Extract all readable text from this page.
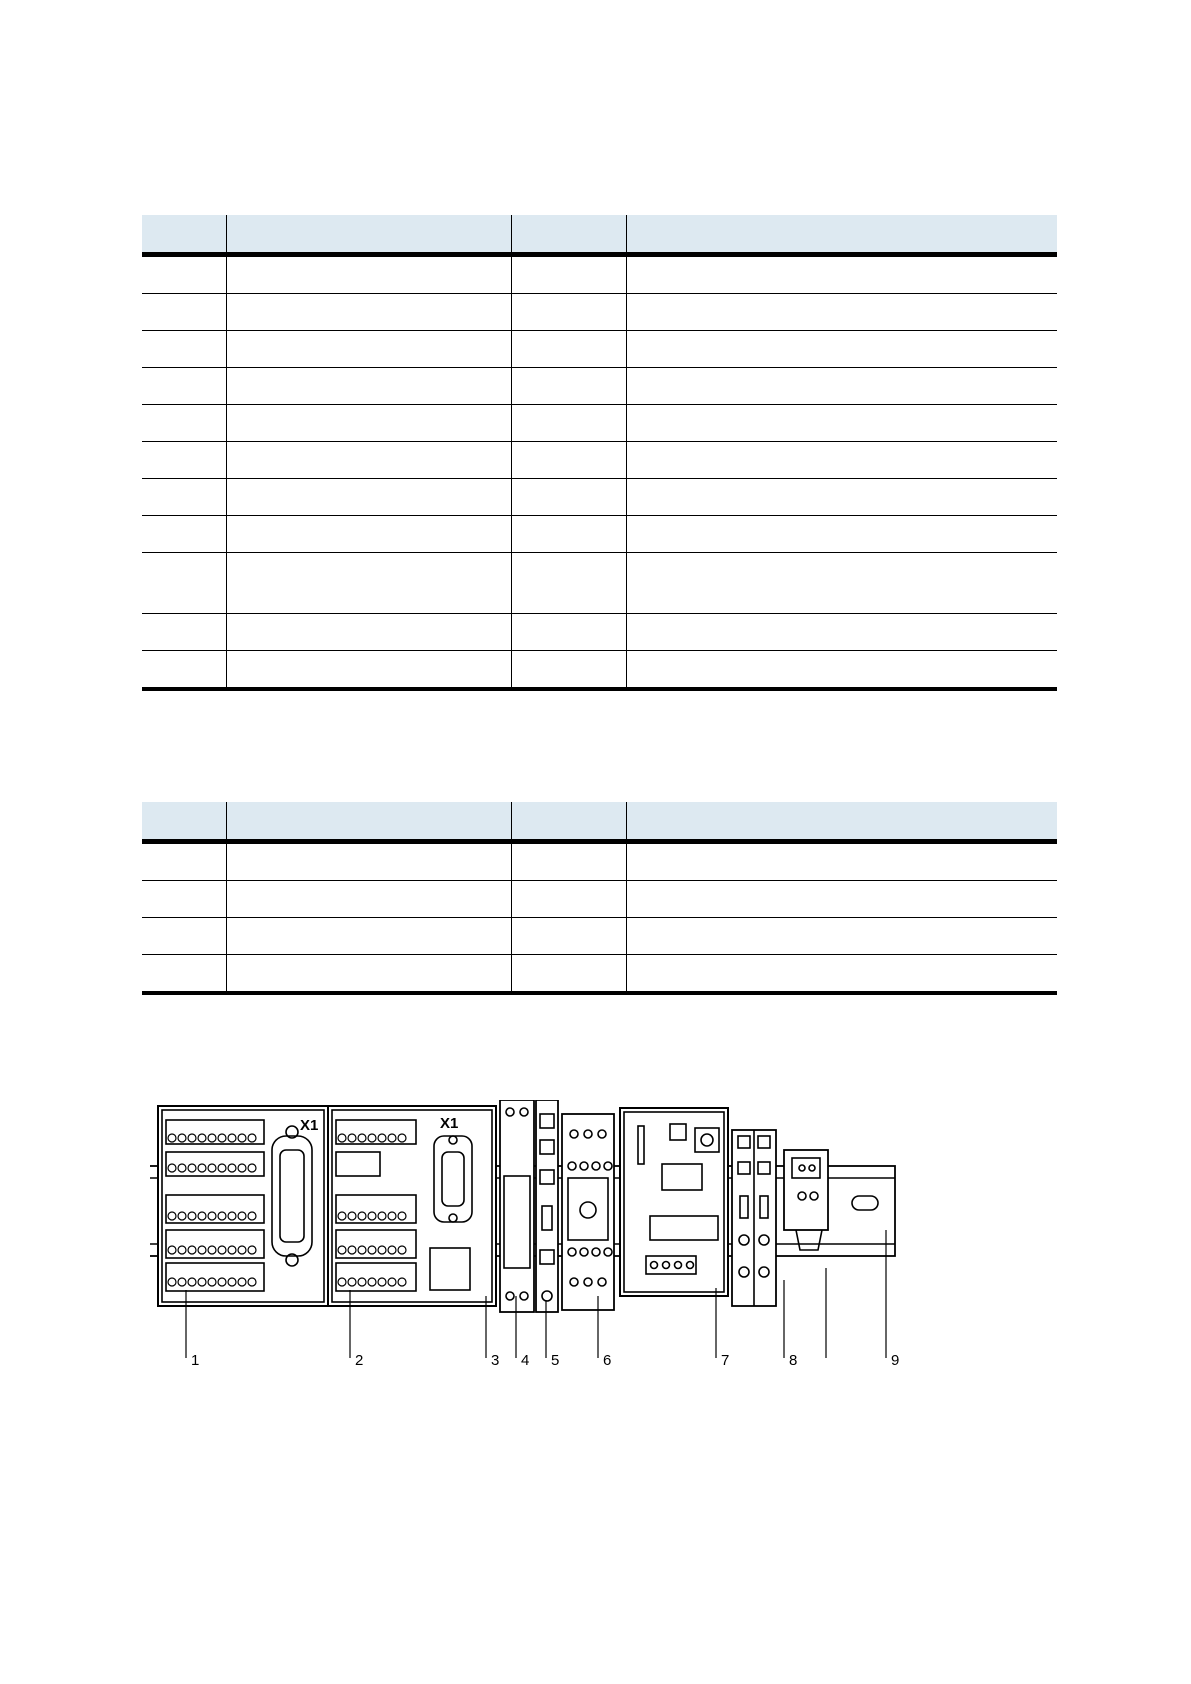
X1	X1
1	2	3 4 5	6	7	8	9
